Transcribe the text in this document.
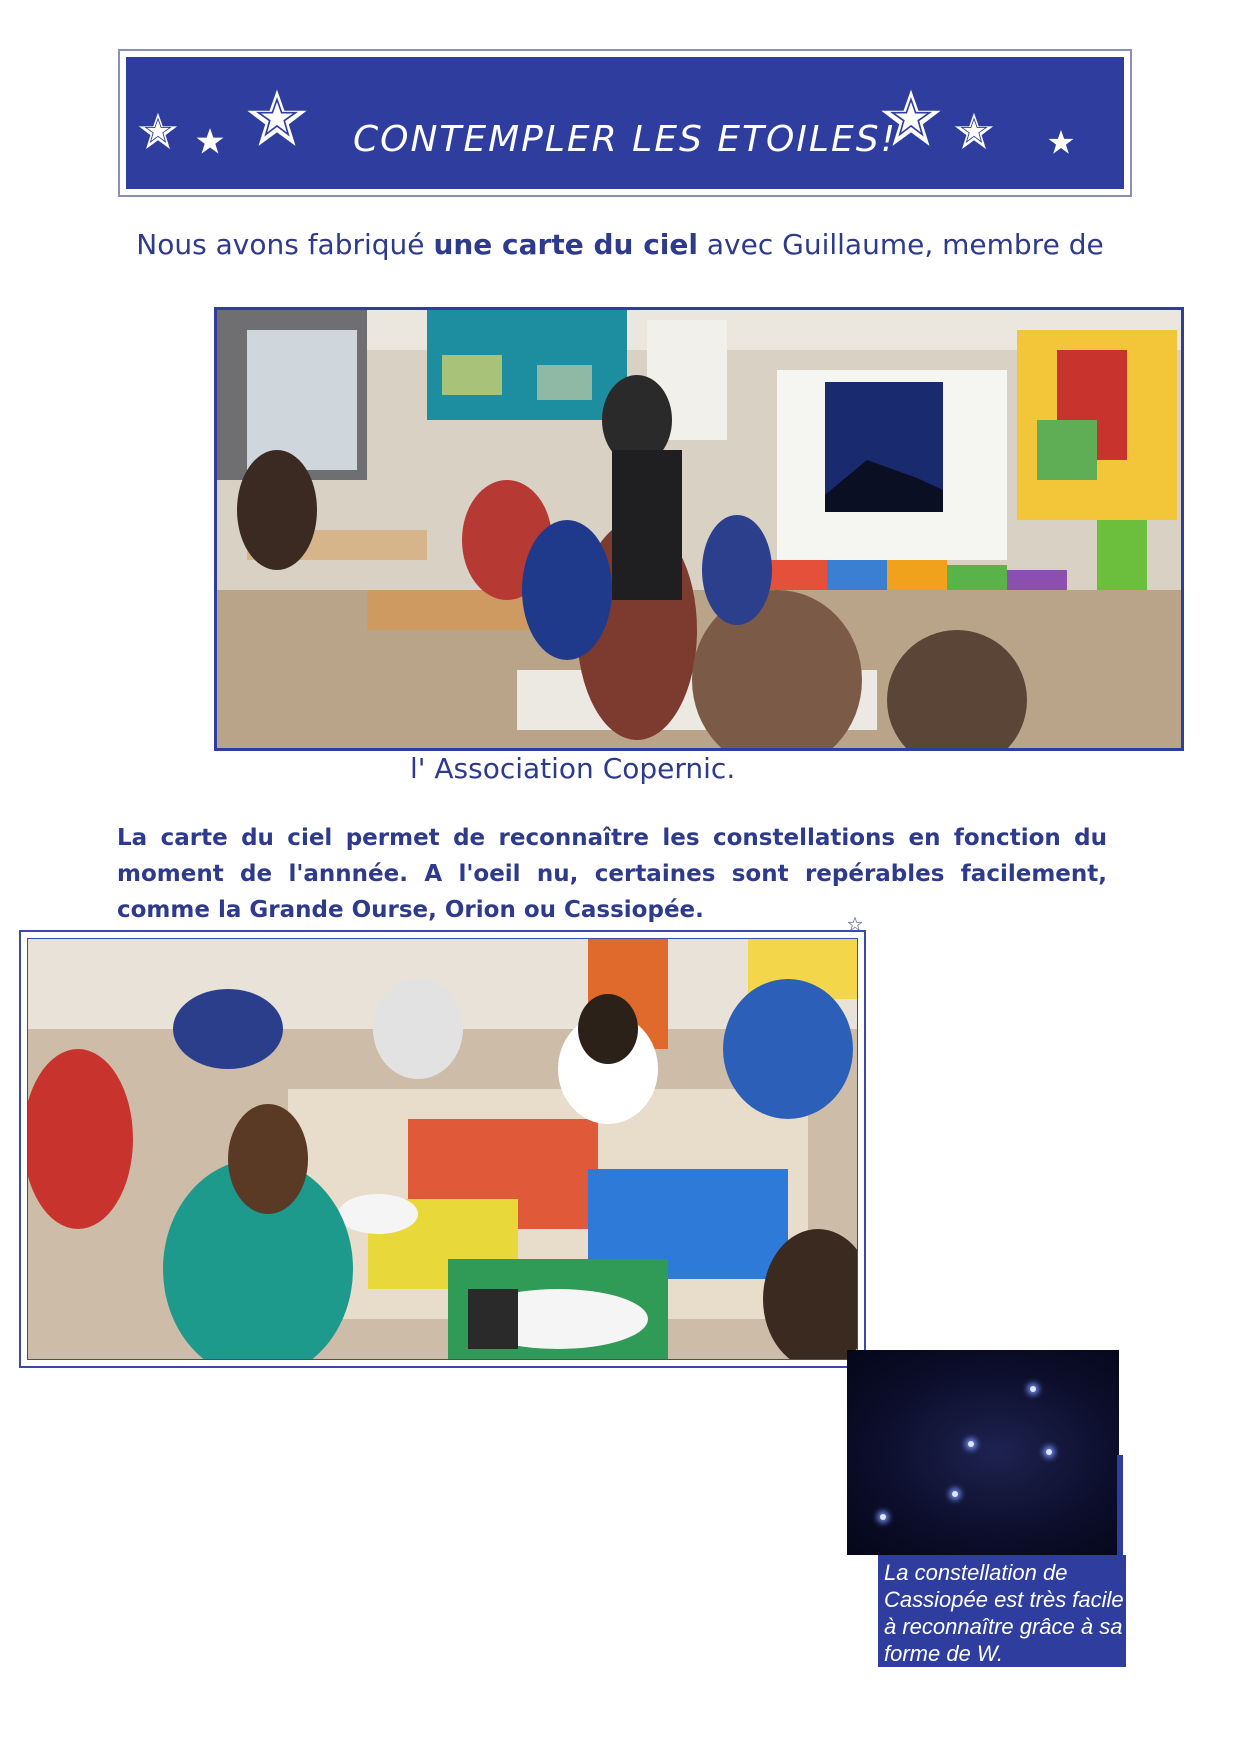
CONTEMPLER LES ETOILES!
Nous avons fabriqué une carte du ciel avec Guillaume, membre de
l' Association Copernic.
La carte du ciel permet de reconnaître les constellations en fonction du moment de l'annnée. A l'oeil nu, certaines sont repérables facilement, comme la Grande Ourse, Orion ou Cassiopée.
La constellation de Cassiopée est très facile à reconnaître grâce à sa forme de W.
